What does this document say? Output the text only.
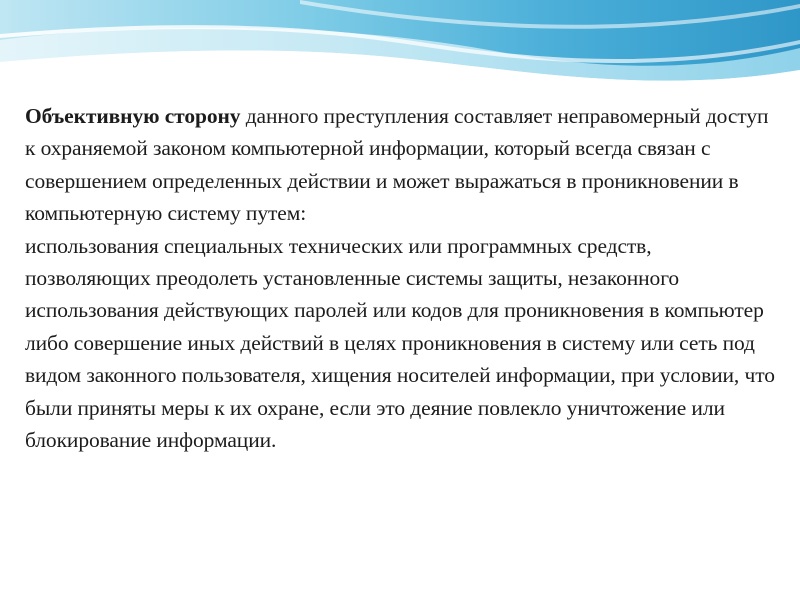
Объективную сторону данного преступления составляет неправомерный доступ к охраняемой законом компьютерной информации, который всегда связан с совершением определенных действии и может выражаться в проникновении в компьютерную систему путем:

использования специальных технических или программных средств, позволяющих преодолеть установленные системы защиты, незаконного использования действующих паролей или кодов для проникновения в компьютер либо совершение иных действий в целях проникновения в систему или сеть под видом законного пользователя, хищения носителей информации, при условии, что были приняты меры к их охране, если это деяние повлекло уничтожение или блокирование информации.
